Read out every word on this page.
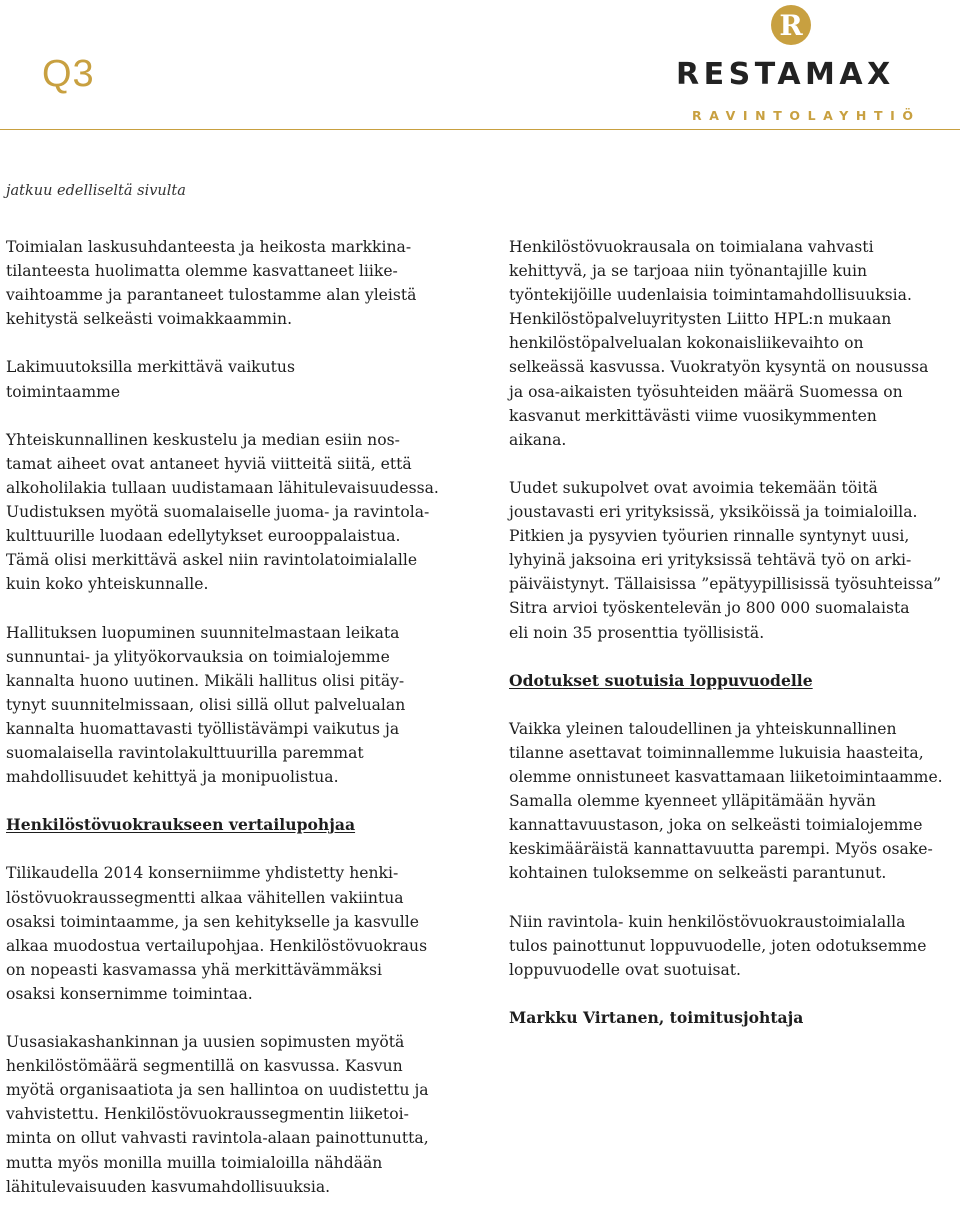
Q3
R
RESTAMAX
RAVINTOLAYHTIÖ
jatkuu edelliseltä sivulta

Toimialan laskusuhdanteesta ja heikosta markkina-
tilanteesta huolimatta olemme kasvattaneet liike-
vaihtoamme ja parantaneet tulostamme alan yleistä
kehitystä selkeästi voimakkaammin.

Lakimuutoksilla merkittävä vaikutus
toimintaamme

Yhteiskunnallinen keskustelu ja median esiin nos-
tamat aiheet ovat antaneet hyviä viitteitä siitä, että
alkoholilakia tullaan uudistamaan lähitulevaisuudessa.
Uudistuksen myötä suomalaiselle juoma- ja ravintola-
kulttuurille luodaan edellytykset eurooppalaistua.
Tämä olisi merkittävä askel niin ravintolatoimialalle
kuin koko yhteiskunnalle.

Hallituksen luopuminen suunnitelmastaan leikata
sunnuntai- ja ylityökorvauksia on toimialojemme
kannalta huono uutinen. Mikäli hallitus olisi pitäy-
tynyt suunnitelmissaan, olisi sillä ollut palvelualan
kannalta huomattavasti työllistävämpi vaikutus ja
suomalaisella ravintolakulttuurilla paremmat
mahdollisuudet kehittyä ja monipuolistua.

Henkilöstövuokraukseen vertailupohjaa

Tilikaudella 2014 konserniimme yhdistetty henki-
löstövuokraussegmentti alkaa vähitellen vakiintua
osaksi toimintaamme, ja sen kehitykselle ja kasvulle
alkaa muodostua vertailupohjaa. Henkilöstövuokraus
on nopeasti kasvamassa yhä merkittävämmäksi
osaksi konsernimme toimintaa.

Uusasiakashankinnan ja uusien sopimusten myötä
henkilöstömäärä segmentillä on kasvussa. Kasvun
myötä organisaatiota ja sen hallintoa on uudistettu ja
vahvistettu. Henkilöstövuokraussegmentin liiketoi-
minta on ollut vahvasti ravintola-alaan painottunutta,
mutta myös monilla muilla toimialoilla nähdään
lähitulevaisuuden kasvumahdollisuuksia.

Henkilöstövuokrausala on toimialana vahvasti
kehittyvä, ja se tarjoaa niin työnantajille kuin
työntekijöille uudenlaisia toimintamahdollisuuksia.
Henkilöstöpalveluyritysten Liitto HPL:n mukaan
henkilöstöpalvelualan kokonaisliikevaihto on
selkeässä kasvussa. Vuokratyön kysyntä on nousussa
ja osa-aikaisten työsuhteiden määrä Suomessa on
kasvanut merkittävästi viime vuosikymmenten
aikana.

Uudet sukupolvet ovat avoimia tekemään töitä
joustavasti eri yrityksissä, yksiköissä ja toimialoilla.
Pitkien ja pysyvien työurien rinnalle syntynyt uusi,
lyhyinä jaksoina eri yrityksissä tehtävä työ on arki-
päiväistynyt. Tällaisissa ”epätyypillisissä työsuhteissa”
Sitra arvioi työskentelevän jo 800 000 suomalaista
eli noin 35 prosenttia työllisistä.

Odotukset suotuisia loppuvuodelle

Vaikka yleinen taloudellinen ja yhteiskunnallinen
tilanne asettavat toiminnallemme lukuisia haasteita,
olemme onnistuneet kasvattamaan liiketoimintaamme.
Samalla olemme kyenneet ylläpitämään hyvän
kannattavuustason, joka on selkeästi toimialojemme
keskimääräistä kannattavuutta parempi. Myös osake-
kohtainen tuloksemme on selkeästi parantunut.

Niin ravintola- kuin henkilöstövuokraustoimialalla
tulos painottunut loppuvuodelle, joten odotuksemme
loppuvuodelle ovat suotuisat.

Markku Virtanen, toimitusjohtaja
